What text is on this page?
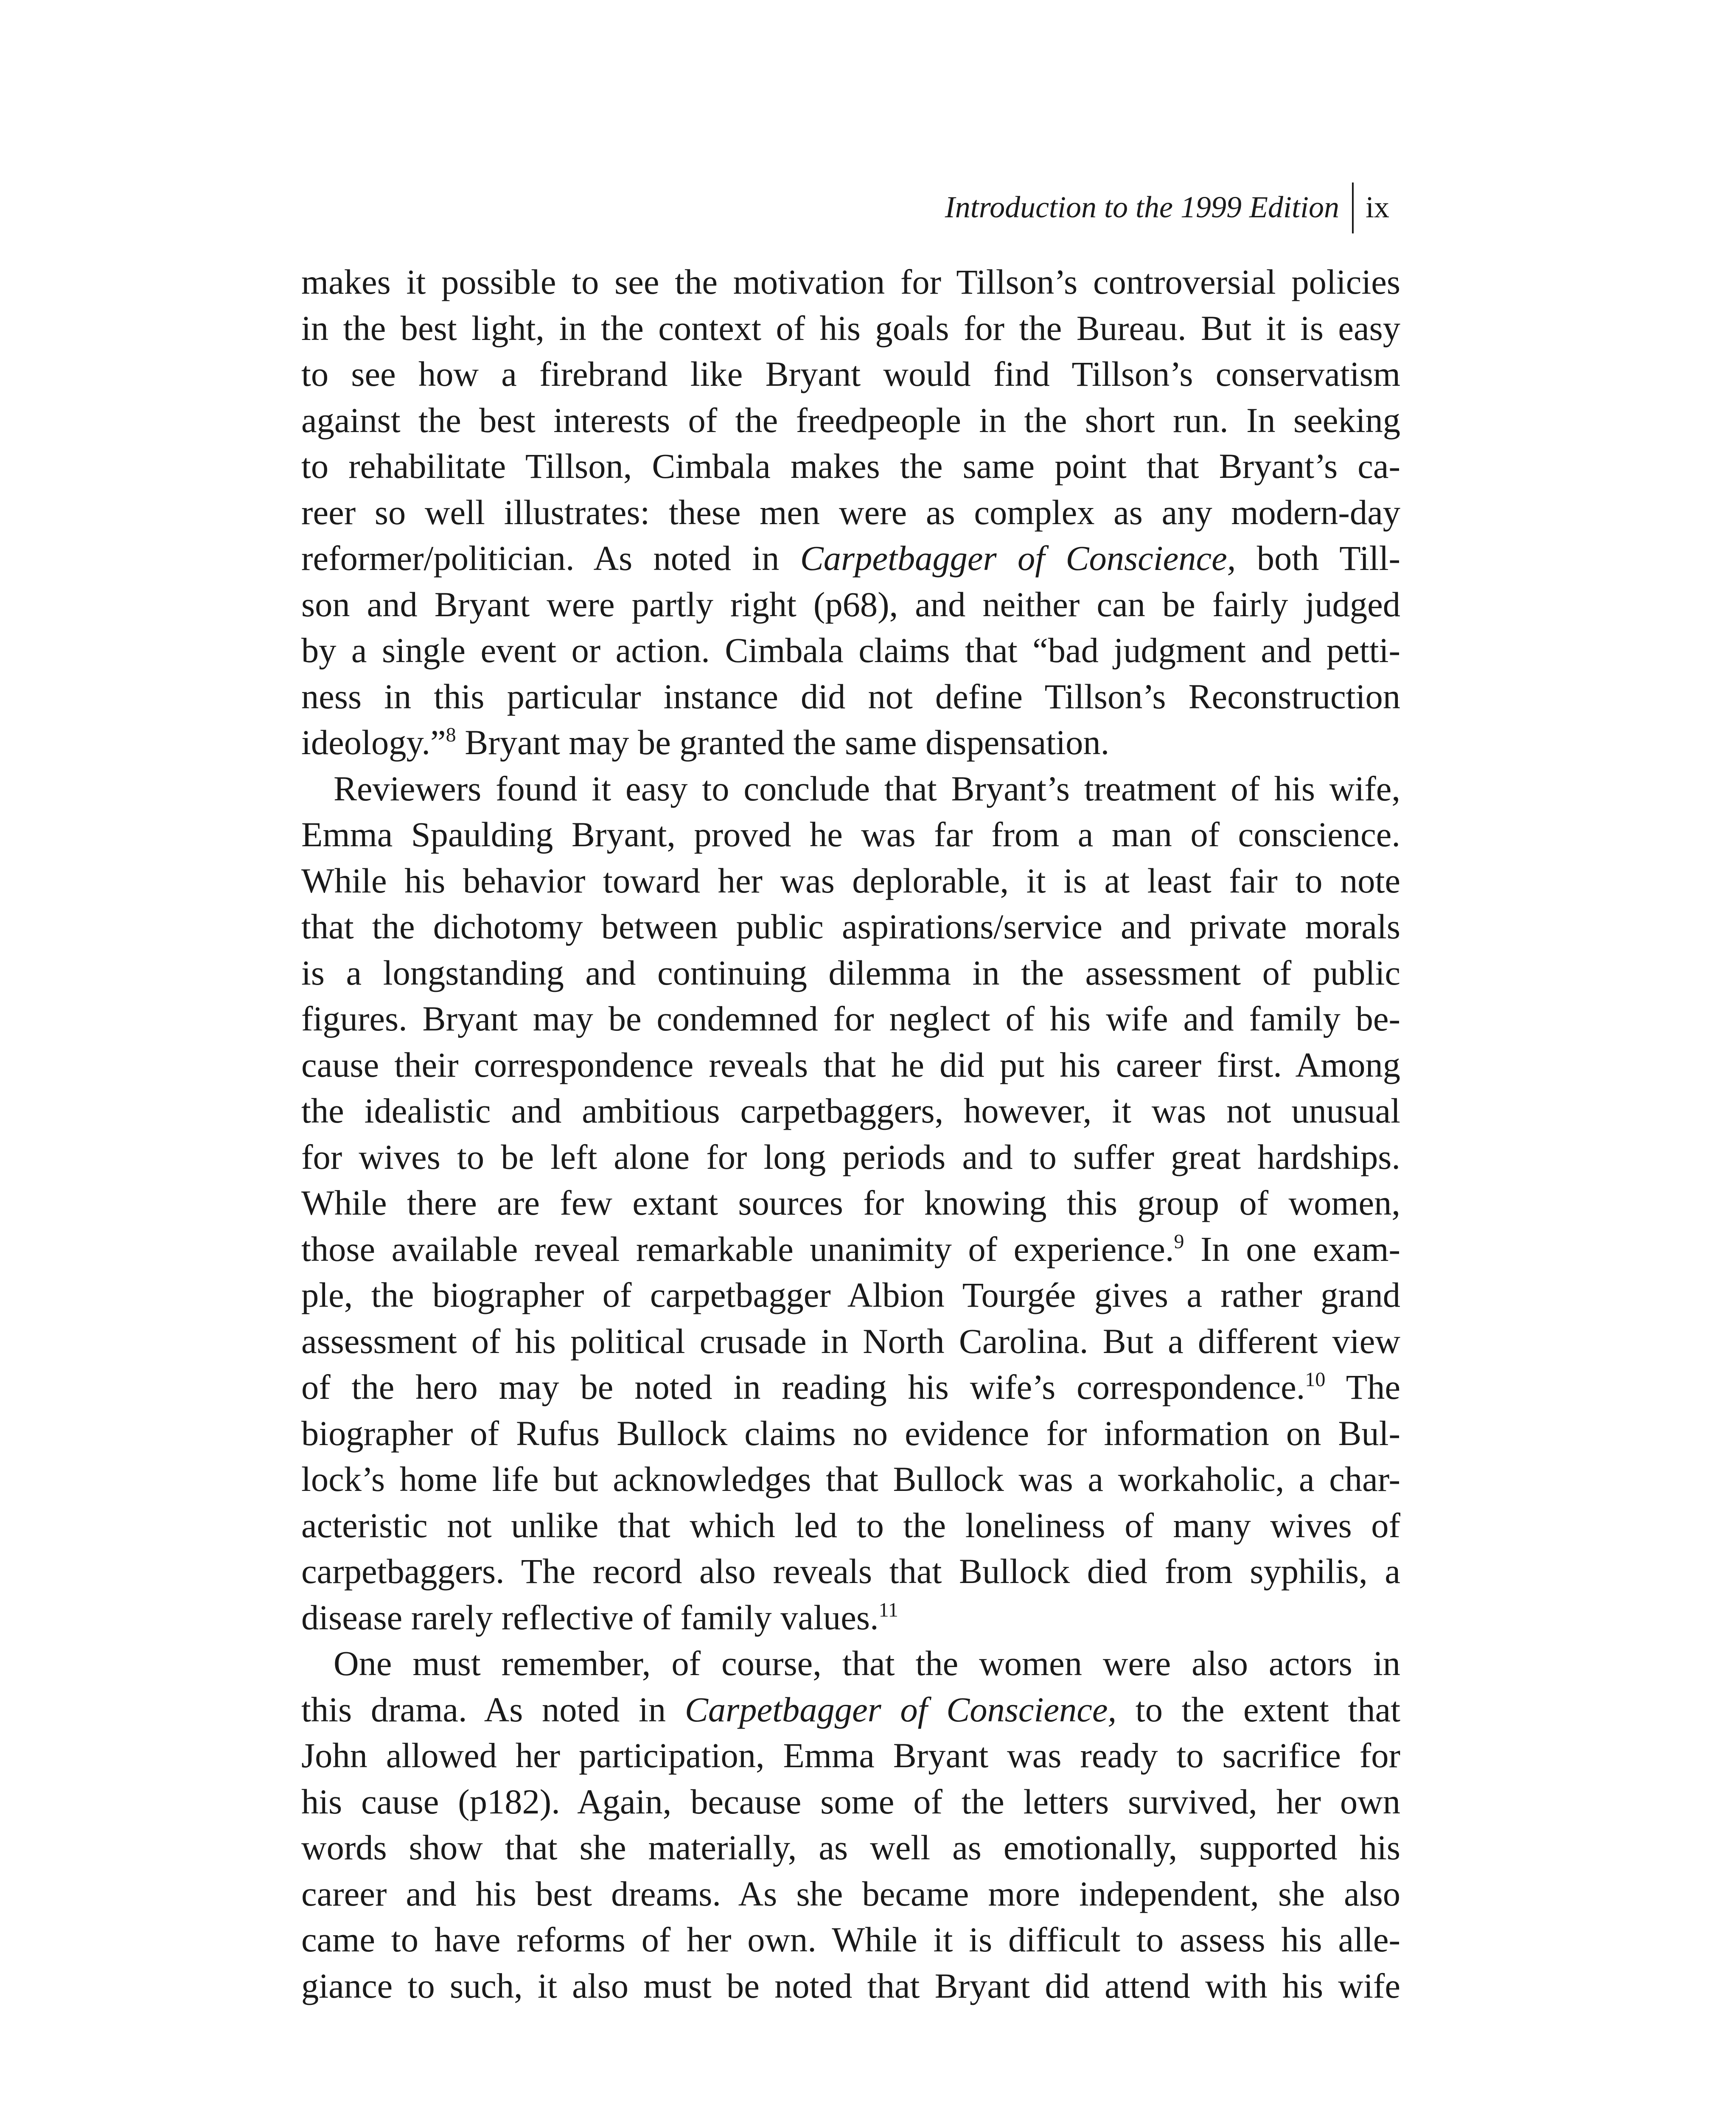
Introduction to the 1999 Edition ix
makes it possible to see the motivation for Tillson’s controversial policies
in the best light, in the context of his goals for the Bureau. But it is easy
to see how a firebrand like Bryant would find Tillson’s conservatism
against the best interests of the freedpeople in the short run. In seeking
to rehabilitate Tillson, Cimbala makes the same point that Bryant’s ca-
reer so well illustrates: these men were as complex as any modern-day
reformer/politician. As noted in Carpetbagger of Conscience, both Till-
son and Bryant were partly right (p68), and neither can be fairly judged
by a single event or action. Cimbala claims that “bad judgment and petti-
ness in this particular instance did not define Tillson’s Reconstruction
ideology.”$^8$ Bryant may be granted the same dispensation.
Reviewers found it easy to conclude that Bryant’s treatment of his wife,
Emma Spaulding Bryant, proved he was far from a man of conscience.
While his behavior toward her was deplorable, it is at least fair to note
that the dichotomy between public aspirations/service and private morals
is a longstanding and continuing dilemma in the assessment of public
figures. Bryant may be condemned for neglect of his wife and family be-
cause their correspondence reveals that he did put his career first. Among
the idealistic and ambitious carpetbaggers, however, it was not unusual
for wives to be left alone for long periods and to suffer great hardships.
While there are few extant sources for knowing this group of women,
those available reveal remarkable unanimity of experience.$^9$ In one exam-
ple, the biographer of carpetbagger Albion Tourgée gives a rather grand
assessment of his political crusade in North Carolina. But a different view
of the hero may be noted in reading his wife’s correspondence.$^{10}$ The
biographer of Rufus Bullock claims no evidence for information on Bul-
lock’s home life but acknowledges that Bullock was a workaholic, a char-
acteristic not unlike that which led to the loneliness of many wives of
carpetbaggers. The record also reveals that Bullock died from syphilis, a
disease rarely reflective of family values.$^{11}$
One must remember, of course, that the women were also actors in
this drama. As noted in Carpetbagger of Conscience, to the extent that
John allowed her participation, Emma Bryant was ready to sacrifice for
his cause (p182). Again, because some of the letters survived, her own
words show that she materially, as well as emotionally, supported his
career and his best dreams. As she became more independent, she also
came to have reforms of her own. While it is difficult to assess his alle-
giance to such, it also must be noted that Bryant did attend with his wife
